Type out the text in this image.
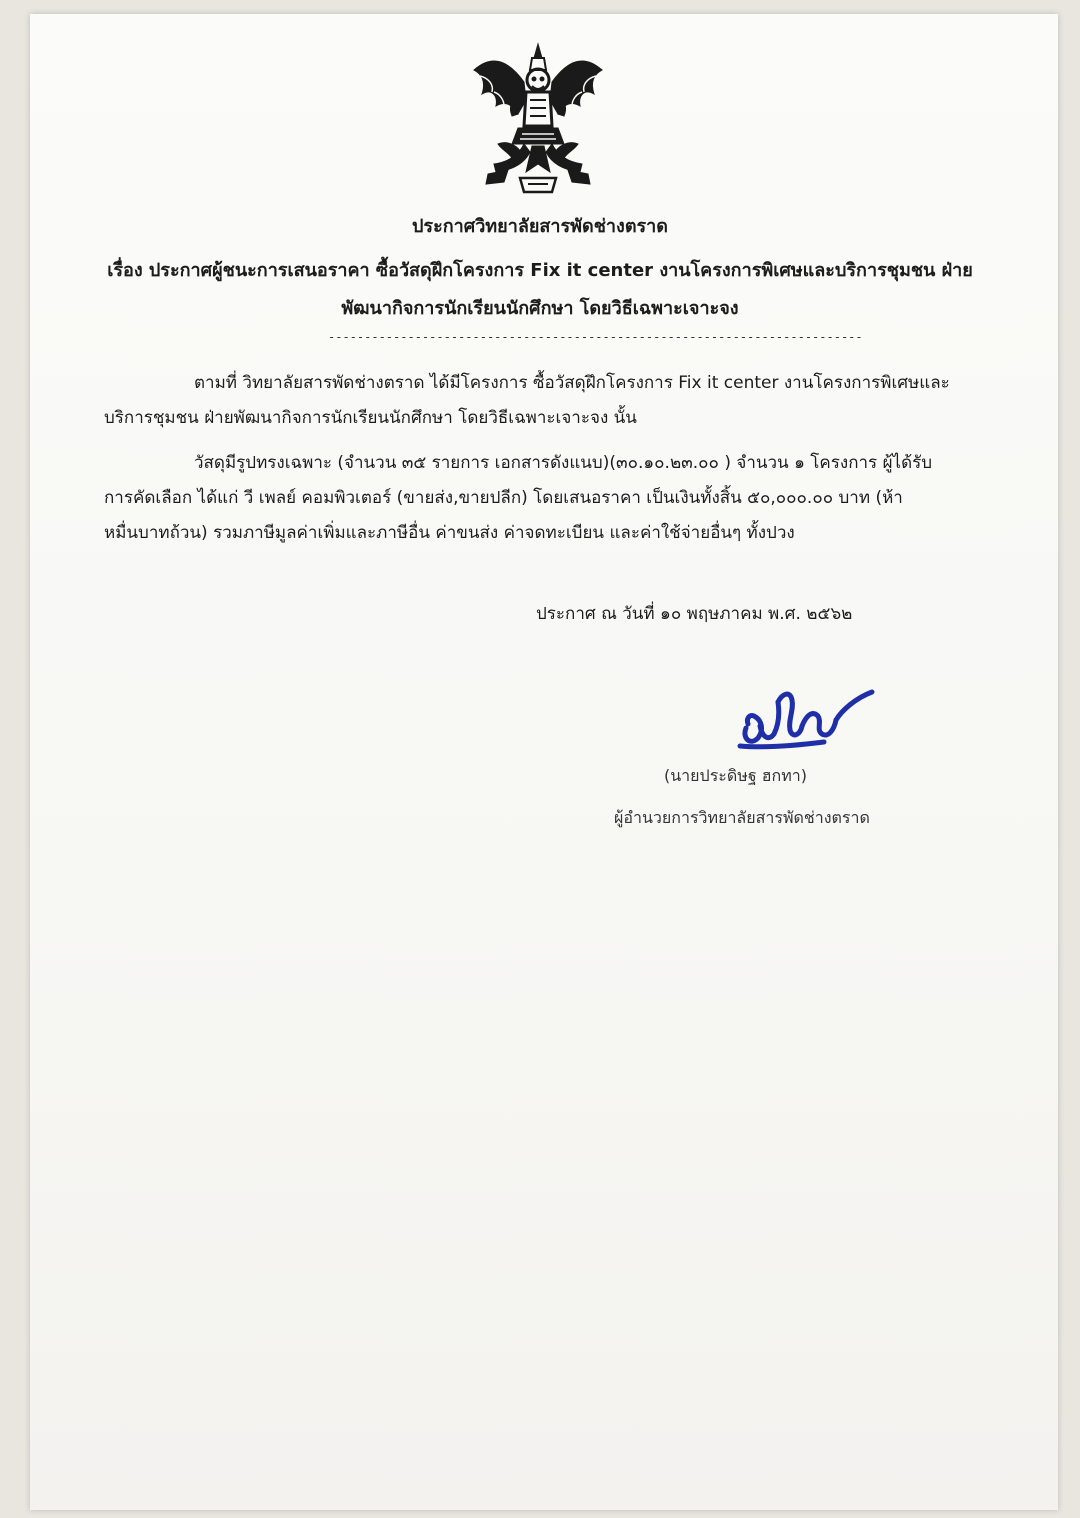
ประกาศวิทยาลัยสารพัดช่างตราด
เรื่อง ประกาศผู้ชนะการเสนอราคา ซื้อวัสดุฝึกโครงการ Fix it center งานโครงการพิเศษและบริการชุมชน ฝ่าย
พัฒนากิจการนักเรียนนักศึกษา โดยวิธีเฉพาะเจาะจง
--------------------------------------------------------------------------
ตามที่ วิทยาลัยสารพัดช่างตราด ได้มีโครงการ ซื้อวัสดุฝึกโครงการ Fix it center งานโครงการพิเศษและ
บริการชุมชน ฝ่ายพัฒนากิจการนักเรียนนักศึกษา โดยวิธีเฉพาะเจาะจง นั้น
วัสดุมีรูปทรงเฉพาะ (จำนวน ๓๕ รายการ เอกสารดังแนบ)(๓๐.๑๐.๒๓.๐๐ ) จำนวน ๑ โครงการ ผู้ได้รับ
การคัดเลือก ได้แก่ วี เพลย์ คอมพิวเตอร์ (ขายส่ง,ขายปลีก) โดยเสนอราคา เป็นเงินทั้งสิ้น ๕๐,๐๐๐.๐๐ บาท (ห้า
หมื่นบาทถ้วน) รวมภาษีมูลค่าเพิ่มและภาษีอื่น ค่าขนส่ง ค่าจดทะเบียน และค่าใช้จ่ายอื่นๆ ทั้งปวง
ประกาศ ณ วันที่ ๑๐ พฤษภาคม พ.ศ. ๒๕๖๒
(นายประดิษฐ ฮกทา)
ผู้อำนวยการวิทยาลัยสารพัดช่างตราด
